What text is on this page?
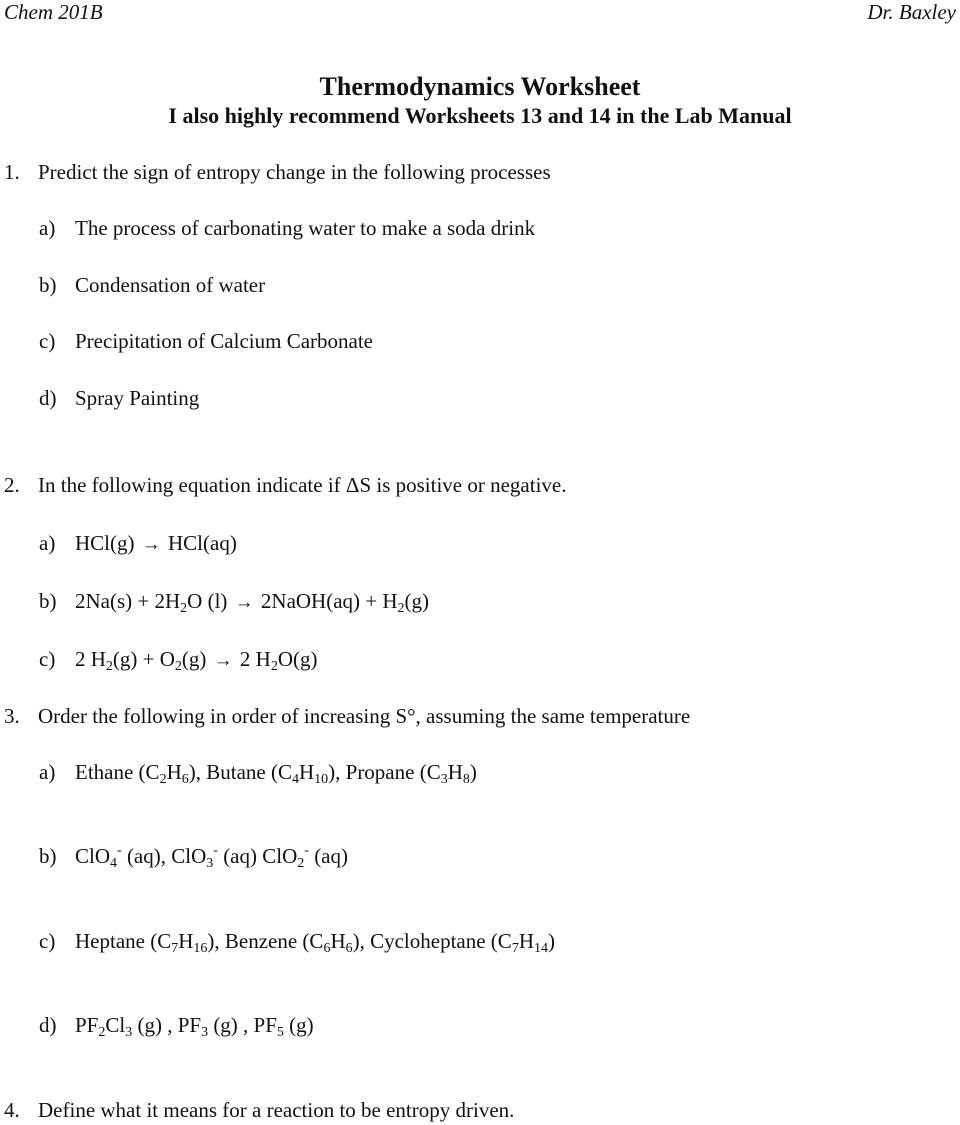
Chem 201B	Dr. Baxley
Thermodynamics Worksheet
I also highly recommend Worksheets 13 and 14 in the Lab Manual
1. Predict the sign of entropy change in the following processes
a) The process of carbonating water to make a soda drink
b) Condensation of water
c) Precipitation of Calcium Carbonate
d) Spray Painting
2. In the following equation indicate if ΔS is positive or negative.
a) HCl(g) → HCl(aq)
b) $2Na(s) + 2H_2O$ (l) → 2NaOH(aq) + $H_2(g)$
c) 2 $H_2(g) + O_2(g) \to 2$ $H_2O(g)$
3. Order the following in order of increasing S°, assuming the same temperature
a) Ethane $(C_2H_6)$, Butane $(C_4H_{10})$, Propane $(C_3H_8)$
b) ClO$_4$- (aq), ClO$_3$- (aq) ClO$_2$- (aq)
c) Heptane $(C_7H_{16})$, Benzene $(C_6H_6)$, Cycloheptane $(C_7H_{14})$
d) $PF_2Cl_3$ (g) , $PF_3$ (g) , $PF_5$ (g)
4. Define what it means for a reaction to be entropy driven.
